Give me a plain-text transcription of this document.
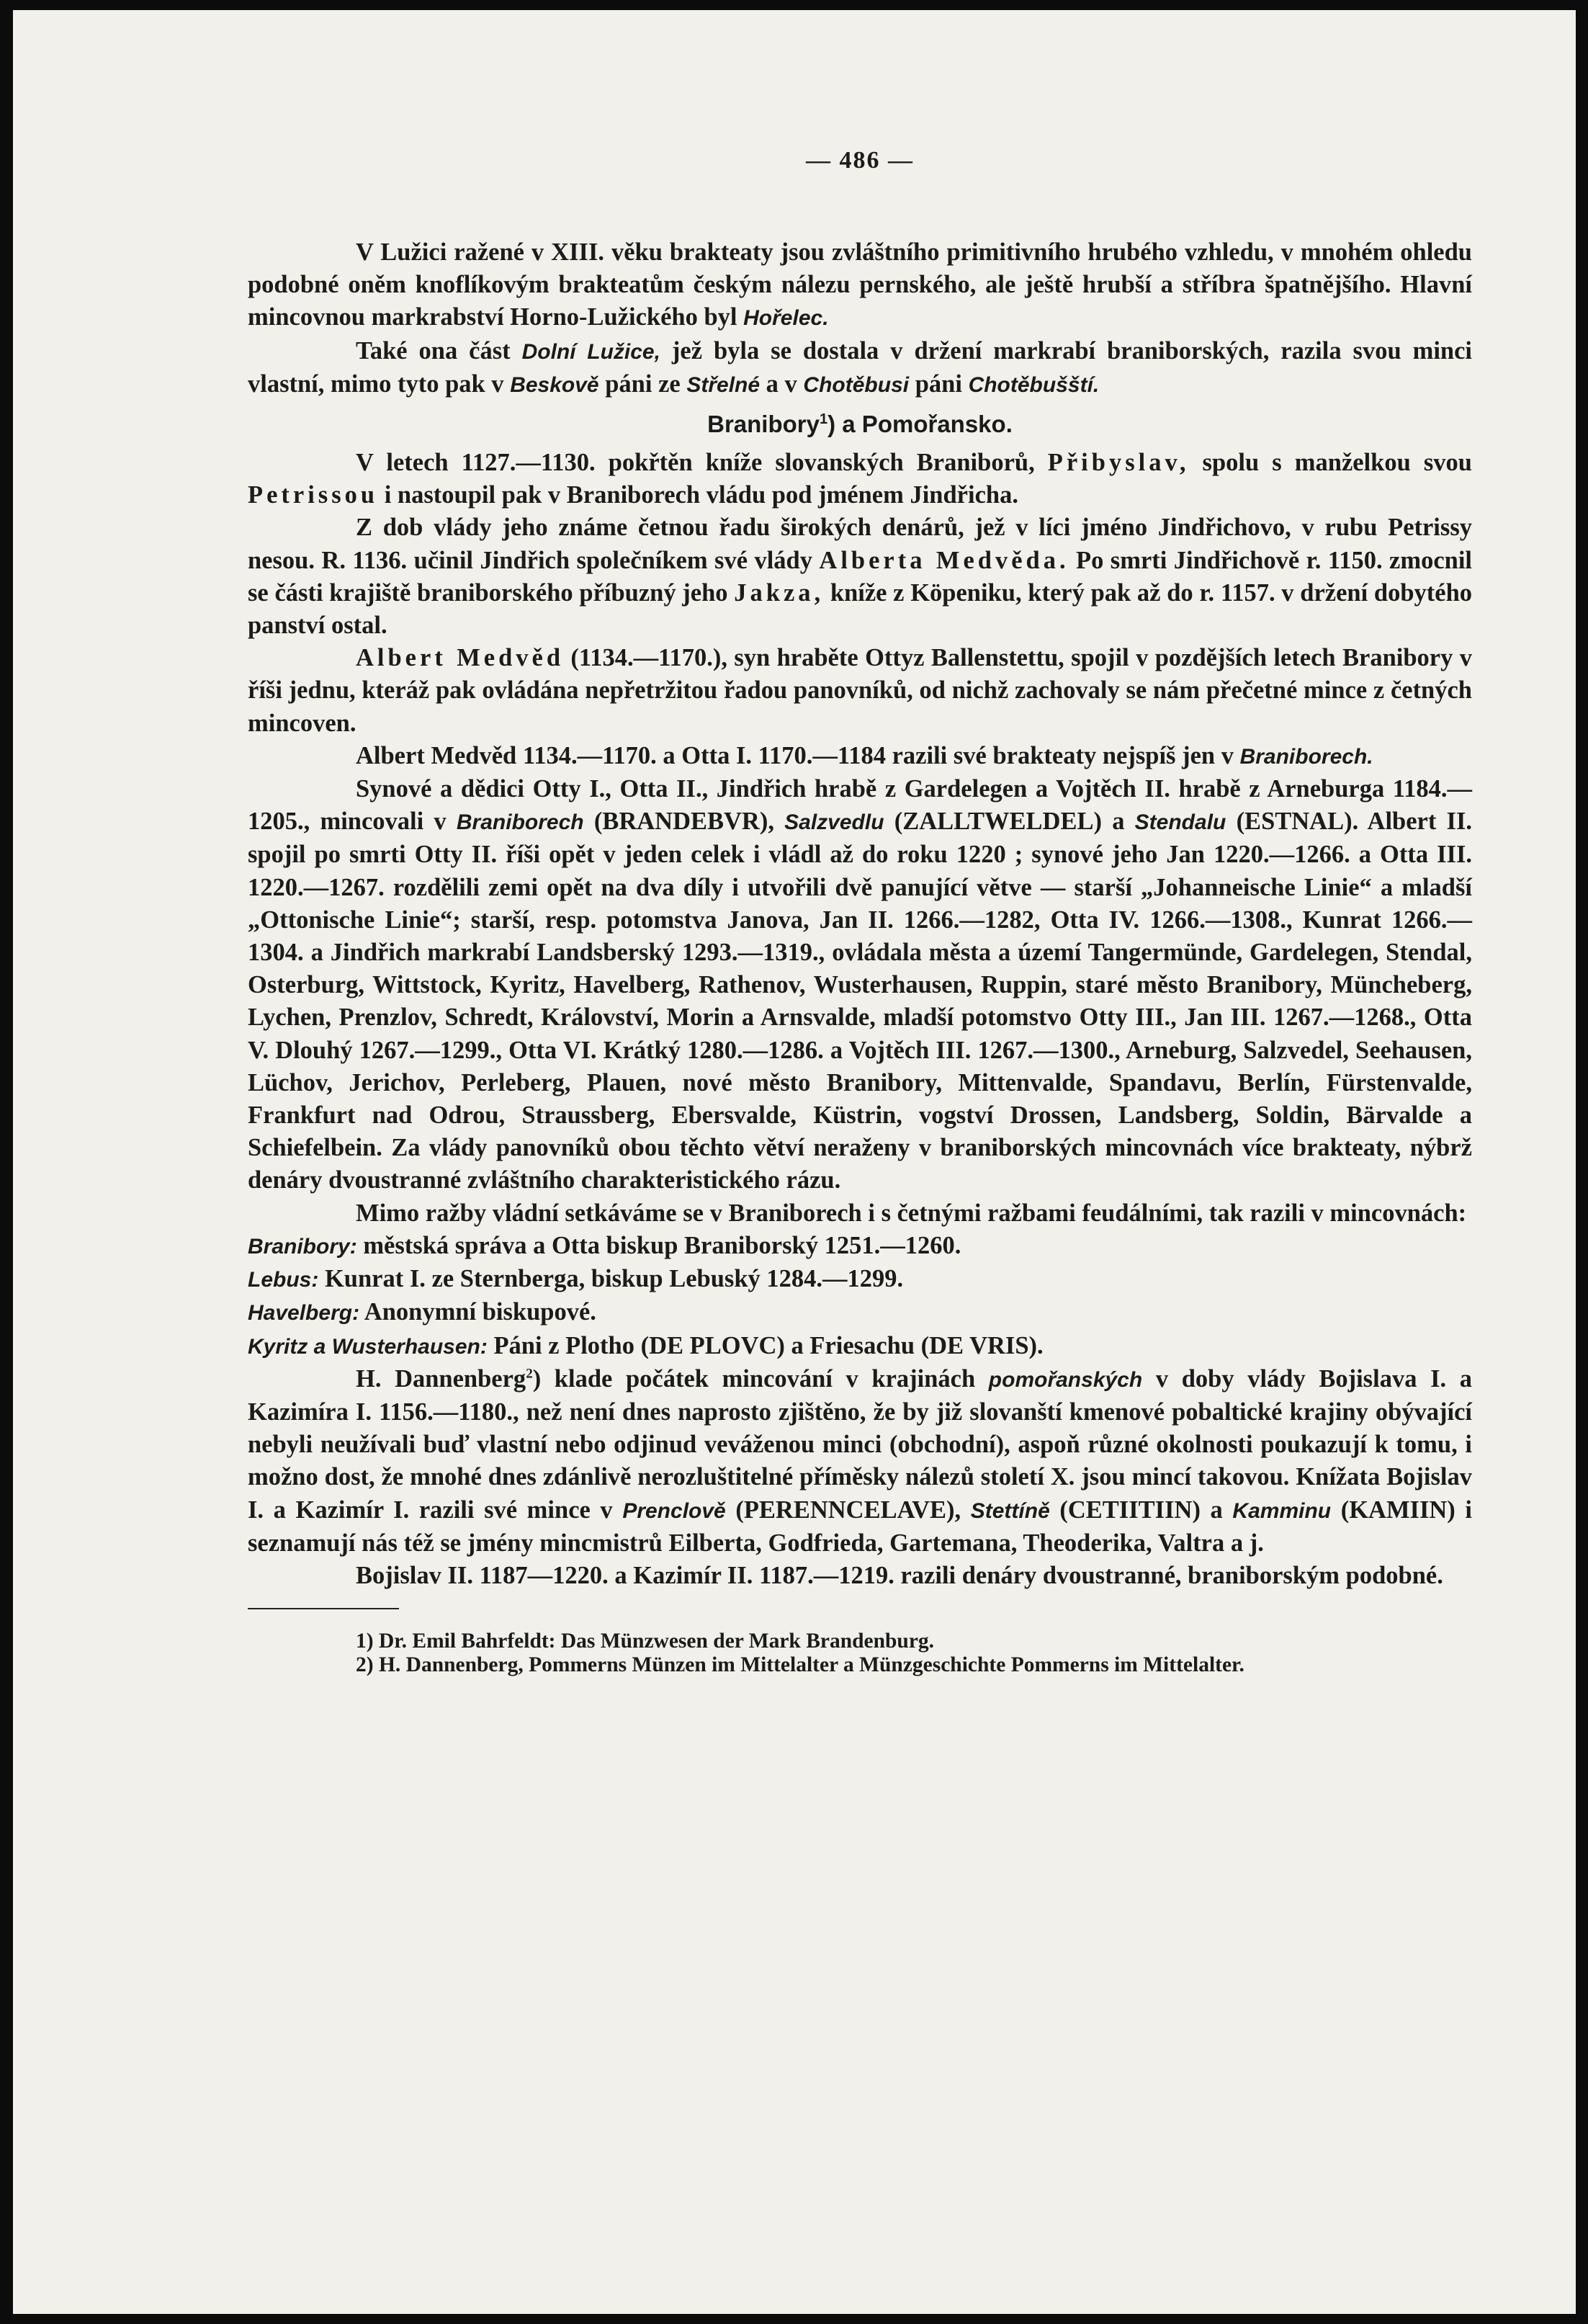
— 486 —

V Lužici ražené v XIII. věku brakteaty jsou zvláštního primitivního hrubého vzhledu, v mnohém ohledu podobné oněm knoflíkovým brakteatům českým nálezu pernského, ale ještě hrubší a stříbra špatnějšího. Hlavní mincovnou markrabství Horno-Lužického byl Hořelec.

Také ona část Dolní Lužice, jež byla se dostala v držení markrabí braniborských, razila svou minci vlastní, mimo tyto pak v Beskově páni ze Střelné a v Chotěbusi páni Chotěbušští.

Branibory$^1$) a Pomořansko.

V letech 1127.—1130. pokřtěn kníže slovanských Braniborů, Přibyslav, spolu s manželkou svou Petrissou i nastoupil pak v Braniborech vládu pod jménem Jindřicha.

Z dob vlády jeho známe četnou řadu širokých denárů, jež v líci jméno Jindřichovo, v rubu Petrissy nesou. R. 1136. učinil Jindřich společníkem své vlády Alberta Medvěda. Po smrti Jindřichově r. 1150. zmocnil se části krajiště braniborského příbuzný jeho Jakza, kníže z Köpeniku, který pak až do r. 1157. v držení dobytého panství ostal.

Albert Medvěd (1134.—1170.), syn hraběte Ottyz Ballenstettu, spojil v pozdějších letech Branibory v říši jednu, kteráž pak ovládána nepřetržitou řadou panovníků, od nichž zachovaly se nám přečetné mince z četných mincoven.

Albert Medvěd 1134.—1170. a Otta I. 1170.—1184 razili své brakteaty nejspíš jen v Braniborech.

Synové a dědici Otty I., Otta II., Jindřich hrabě z Gardelegen a Vojtěch II. hrabě z Arneburga 1184.—1205., mincovali v Braniborech (BRANDEBVR), Salzvedlu (ZALLTWELDEL) a Stendalu (ESTNAL). Albert II. spojil po smrti Otty II. říši opět v jeden celek i vládl až do roku 1220 ; synové jeho Jan 1220.—1266. a Otta III. 1220.—1267. rozdělili zemi opět na dva díly i utvořili dvě panující větve — starší „Johanneische Linie“ a mladší „Ottonische Linie“; starší, resp. potomstva Janova, Jan II. 1266.—1282, Otta IV. 1266.—1308., Kunrat 1266.—1304. a Jindřich markrabí Landsberský 1293.—1319., ovládala města a území Tangermünde, Gardelegen, Stendal, Osterburg, Wittstock, Kyritz, Havelberg, Rathenov, Wusterhausen, Ruppin, staré město Branibory, Müncheberg, Lychen, Prenzlov, Schredt, Království, Morin a Arnsvalde, mladší potomstvo Otty III., Jan III. 1267.—1268., Otta V. Dlouhý 1267.—1299., Otta VI. Krátký 1280.—1286. a Vojtěch III. 1267.—1300., Arneburg, Salzvedel, Seehausen, Lüchov, Jerichov, Perleberg, Plauen, nové město Branibory, Mittenvalde, Spandavu, Berlín, Fürstenvalde, Frankfurt nad Odrou, Straussberg, Ebersvalde, Küstrin, vogství Drossen, Landsberg, Soldin, Bärvalde a Schiefelbein. Za vlády panovníků obou těchto větví neraženy v braniborských mincovnách více brakteaty, nýbrž denáry dvoustranné zvláštního charakteristického rázu.

Mimo ražby vládní setkáváme se v Braniborech i s četnými ražbami feudálními, tak razili v mincovnách:

Branibory: městská správa a Otta biskup Braniborský 1251.—1260.

Lebus: Kunrat I. ze Sternberga, biskup Lebuský 1284.—1299.

Havelberg: Anonymní biskupové.

Kyritz a Wusterhausen: Páni z Plotho (DE PLOVC) a Friesachu (DE VRIS).

H. Dannenberg$^2$) klade počátek mincování v krajinách pomořanských v doby vlády Bojislava I. a Kazimíra I. 1156.—1180., než není dnes naprosto zjištěno, že by již slovanští kmenové pobaltické krajiny obývající nebyli neužívali buď vlastní nebo odjinud veváženou minci (obchodní), aspoň různé okolnosti poukazují k tomu, i možno dost, že mnohé dnes zdánlivě nerozluštitelné příměsky nálezů století X. jsou mincí takovou. Knížata Bojislav I. a Kazimír I. razili své mince v Prenclově (PERENNCELAVE), Stettíně (CETIITIIN) a Kamminu (KAMIIN) i seznamují nás též se jmény mincmistrů Eilberta, Godfrieda, Gartemana, Theoderika, Valtra a j.

Bojislav II. 1187—1220. a Kazimír II. 1187.—1219. razili denáry dvoustranné, braniborským podobné.

1) Dr. Emil Bahrfeldt: Das Münzwesen der Mark Brandenburg.

2) H. Dannenberg, Pommerns Münzen im Mittelalter a Münzgeschichte Pommerns im Mittelalter.
